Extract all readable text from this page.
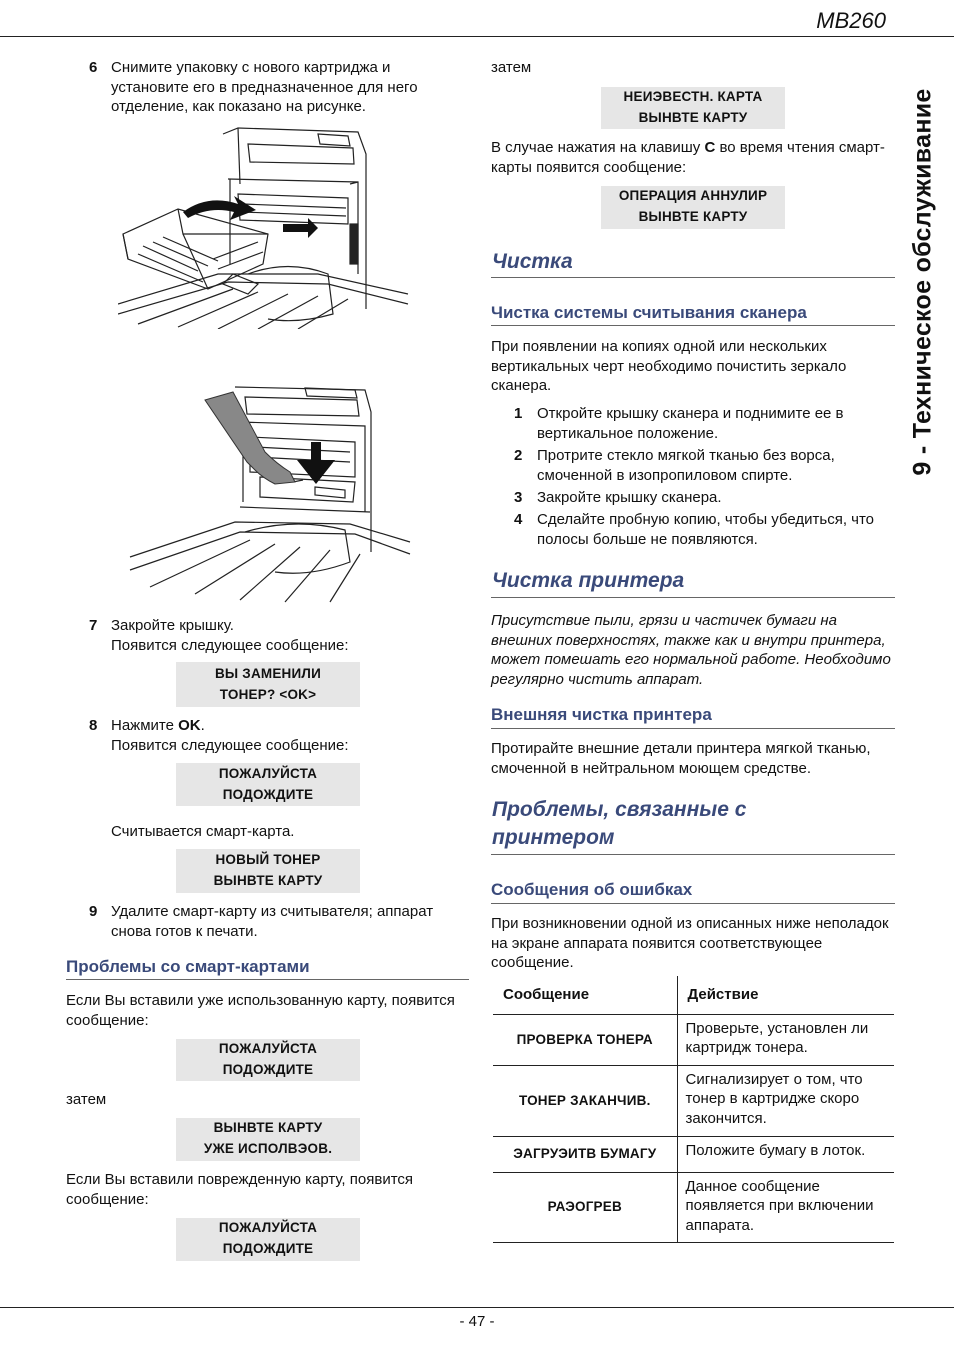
MB260
9 - Техническое обслуживание
6 Снимите упаковку с нового картриджа и установите его в предназначенное для него отделение, как показано на рисунке.
7 Закройте крышку.
Появится следующее сообщение:
ВЫ ЗАМЕНИЛИ
ТОНЕР? <OK>
8 Нажмите OK.
Появится следующее сообщение:
ПОЖАЛУЙСТА
ПОДОЖДИТЕ
Считывается смарт-карта.
НОВЫЙ ТОНЕР
ВЫНВТЕ КАРТУ
9 Удалите смарт-карту из считывателя; аппарат снова готов к печати.
Проблемы со смарт-картами
Если Вы вставили уже использованную карту, появится сообщение:
ПОЖАЛУЙСТА
ПОДОЖДИТЕ
затем
ВЫНВТЕ КАРТУ
УЖЕ ИСПОЛВЭОВ.
Если Вы вставили поврежденную карту, появится сообщение:
ПОЖАЛУЙСТА
ПОДОЖДИТЕ
затем
НЕИЭВЕСТН. КАРТА
ВЫНВТЕ КАРТУ
В случае нажатия на клавишу C во время чтения смарт-карты появится сообщение:
ОПЕРАЦИЯ АННУЛИР
ВЫНВТЕ КАРТУ
Чистка
Чистка системы считывания сканера
При появлении на копиях одной или нескольких вертикальных черт необходимо почистить зеркало сканера.
1 Откройте крышку сканера и поднимите ее в вертикальное положение.
2 Протрите стекло мягкой тканью без ворса, смоченной в изопропиловом спирте.
3 Закройте крышку сканера.
4 Сделайте пробную копию, чтобы убедиться, что полосы больше не появляются.
Чистка принтера
Присутствие пыли, грязи и частичек бумаги на внешних поверхностях, также как и внутри принтера, может помешать его нормальной работе. Необходимо регулярно чистить аппарат.
Внешняя чистка принтера
Протирайте внешние детали принтера мягкой тканью, смоченной в нейтральном моющем средстве.
Проблемы, связанные с
принтером
Сообщения об ошибках
При возникновении одной из описанных ниже неполадок на экране аппарата появится соответствующее сообщение.
Сообщение	Действие
ПРОВЕРКА ТОНЕРА	Проверьте, установлен ли картридж тонера.
ТОНЕР ЗАКАНЧИВ.	Сигнализирует о том, что тонер в картридже скоро закончится.
ЭАГРУЭИТВ БУМАГУ	Положите бумагу в лоток.
РАЭОГРЕВ	Данное сообщение появляется при включении аппарата.
- 47 -
